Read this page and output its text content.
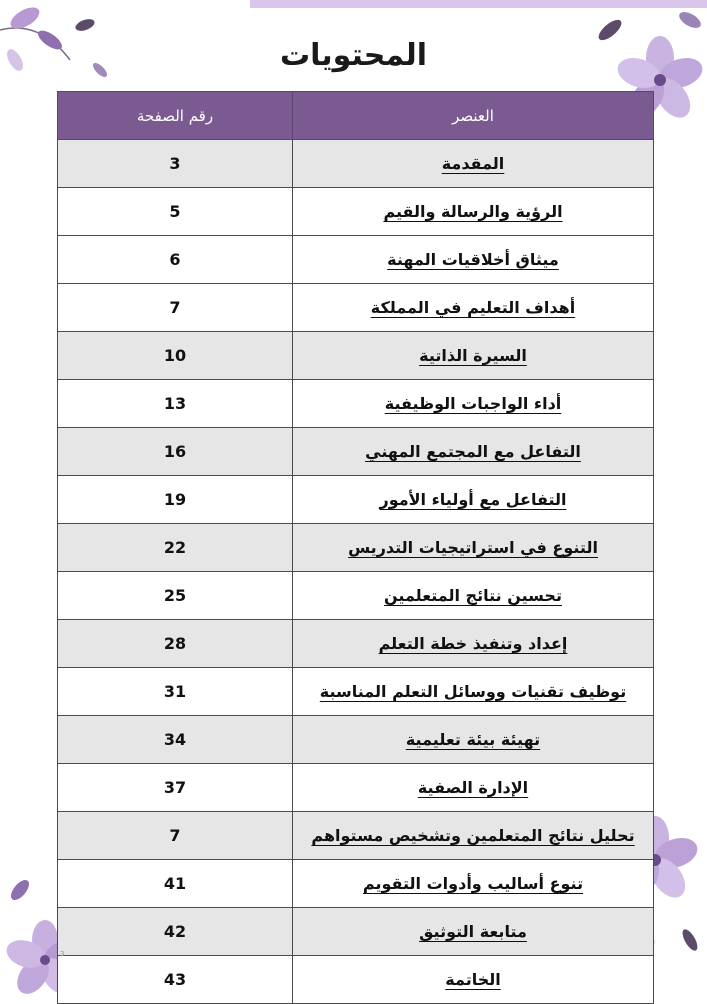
المحتويات
العنصر	رقم الصفحة
المقدمة	3
الرؤية والرسالة والقيم	5
ميثاق أخلاقيات المهنة	6
أهداف التعليم في المملكة	7
السيرة الذاتية	10
أداء الواجبات الوظيفية	13
التفاعل مع المجتمع المهني	16
التفاعل مع أولياء الأمور	19
التنوع في استراتيجيات التدريس	22
تحسين نتائج المتعلمين	25
إعداد وتنفيذ خطة التعلم	28
توظيف تقنيات ووسائل التعلم المناسبة	31
تهيئة بيئة تعليمية	34
الإدارة الصفية	37
تحليل نتائج المتعلمين وتشخيص مستواهم	7
تنوع أساليب وأدوات التقويم	41
متابعة التوثيق	42
الخاتمة	43
3
